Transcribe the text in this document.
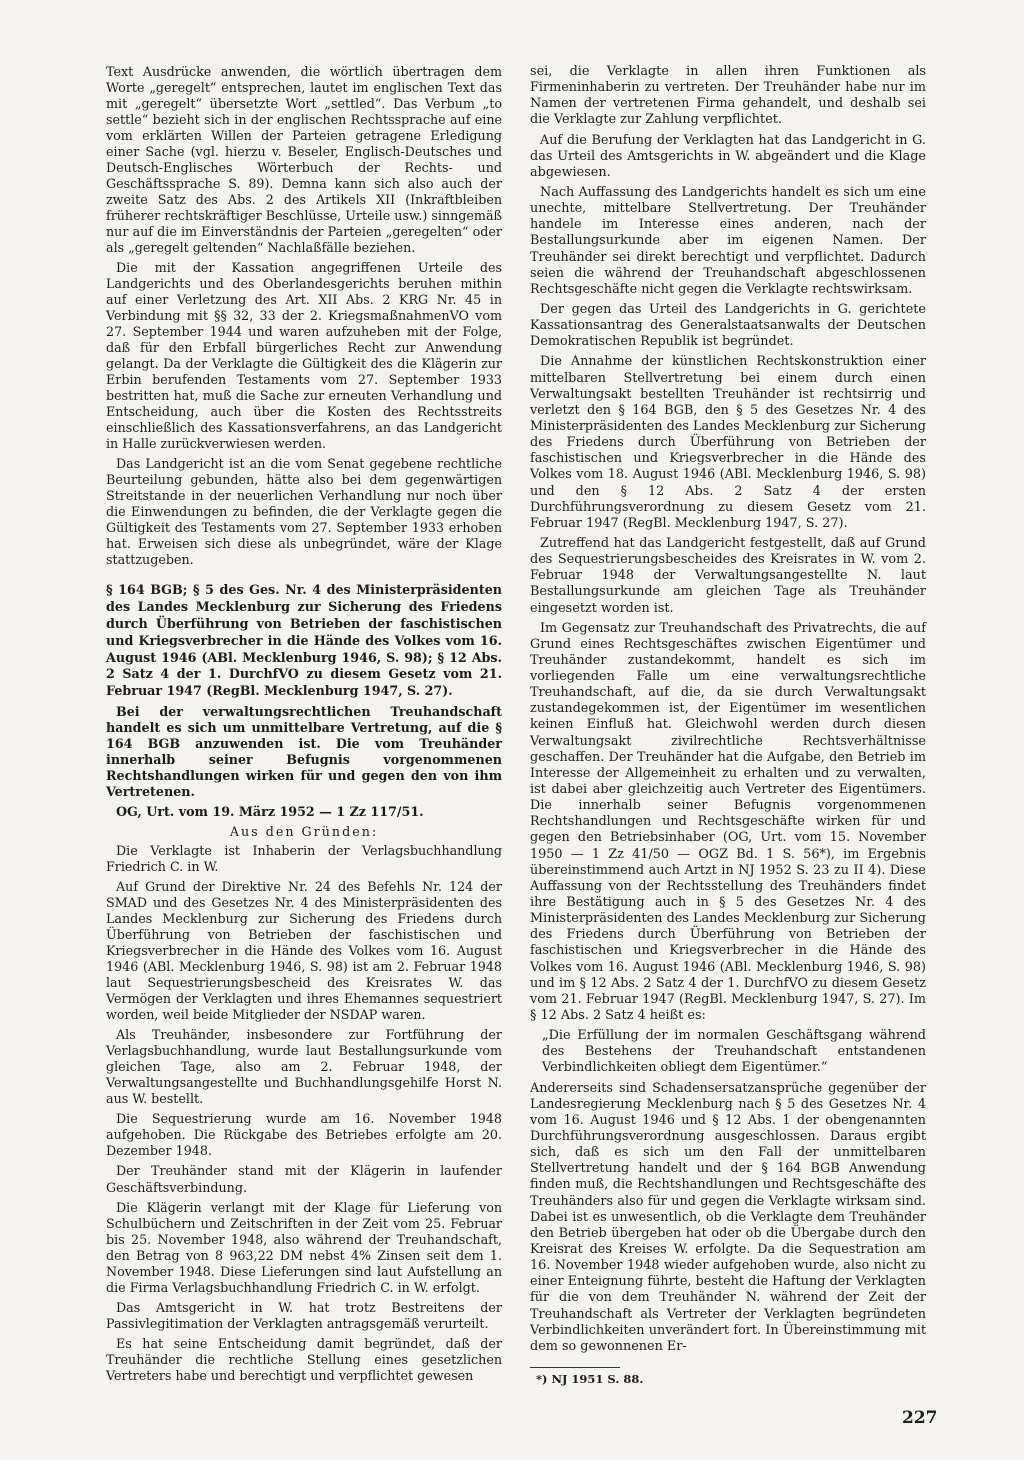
Text Ausdrücke anwenden, die wörtlich übertragen dem Worte „geregelt“ entsprechen, lautet im englischen Text das mit „geregelt“ übersetzte Wort „settled“. Das Verbum „to settle“ bezieht sich in der englischen Rechtssprache auf eine vom erklärten Willen der Parteien getragene Erledigung einer Sache (vgl. hierzu v. Beseler, Englisch-Deutsches und Deutsch-Englisches Wörterbuch der Rechts- und Geschäftssprache S. 89). Demna kann sich also auch der zweite Satz des Abs. 2 des Artikels XII (Inkraftbleiben früherer rechtskräftiger Beschlüsse, Urteile usw.) sinngemäß nur auf die im Einverständnis der Parteien „geregelten“ oder als „geregelt geltenden“ Nachlaßfälle beziehen.

Die mit der Kassation angegriffenen Urteile des Landgerichts und des Oberlandesgerichts beruhen mithin auf einer Verletzung des Art. XII Abs. 2 KRG Nr. 45 in Verbindung mit §§ 32, 33 der 2. KriegsmaßnahmenVO vom 27. September 1944 und waren aufzuheben mit der Folge, daß für den Erbfall bürgerliches Recht zur Anwendung gelangt. Da der Verklagte die Gültigkeit des die Klägerin zur Erbin berufenden Testaments vom 27. September 1933 bestritten hat, muß die Sache zur erneuten Verhandlung und Entscheidung, auch über die Kosten des Rechtsstreits einschließlich des Kassationsverfahrens, an das Landgericht in Halle zurückverwiesen werden.

Das Landgericht ist an die vom Senat gegebene rechtliche Beurteilung gebunden, hätte also bei dem gegenwärtigen Streitstande in der neuerlichen Verhandlung nur noch über die Einwendungen zu befinden, die der Verklagte gegen die Gültigkeit des Testaments vom 27. September 1933 erhoben hat. Erweisen sich diese als unbegründet, wäre der Klage stattzugeben.

§ 164 BGB; § 5 des Ges. Nr. 4 des Ministerpräsidenten des Landes Mecklenburg zur Sicherung des Friedens durch Überführung von Betrieben der faschistischen und Kriegsverbrecher in die Hände des Volkes vom 16. August 1946 (ABl. Mecklenburg 1946, S. 98); § 12 Abs. 2 Satz 4 der 1. DurchfVO zu diesem Gesetz vom 21. Februar 1947 (RegBl. Mecklenburg 1947, S. 27).

Bei der verwaltungsrechtlichen Treuhandschaft handelt es sich um unmittelbare Vertretung, auf die § 164 BGB anzuwenden ist. Die vom Treuhänder innerhalb seiner Befugnis vorgenommenen Rechtshandlungen wirken für und gegen den von ihm Vertretenen.

OG, Urt. vom 19. März 1952 — 1 Zz 117/51.

Aus den Gründen:

Die Verklagte ist Inhaberin der Verlagsbuchhandlung Friedrich C. in W.

Auf Grund der Direktive Nr. 24 des Befehls Nr. 124 der SMAD und des Gesetzes Nr. 4 des Ministerpräsidenten des Landes Mecklenburg zur Sicherung des Friedens durch Überführung von Betrieben der faschistischen und Kriegsverbrecher in die Hände des Volkes vom 16. August 1946 (ABl. Mecklenburg 1946, S. 98) ist am 2. Februar 1948 laut Sequestrierungsbescheid des Kreisrates W. das Vermögen der Verklagten und ihres Ehemannes sequestriert worden, weil beide Mitglieder der NSDAP waren.

Als Treuhänder, insbesondere zur Fortführung der Verlagsbuchhandlung, wurde laut Bestallungsurkunde vom gleichen Tage, also am 2. Februar 1948, der Verwaltungsangestellte und Buchhandlungsgehilfe Horst N. aus W. bestellt.

Die Sequestrierung wurde am 16. November 1948 aufgehoben. Die Rückgabe des Betriebes erfolgte am 20. Dezember 1948.

Der Treuhänder stand mit der Klägerin in laufender Geschäftsverbindung.

Die Klägerin verlangt mit der Klage für Lieferung von Schulbüchern und Zeitschriften in der Zeit vom 25. Februar bis 25. November 1948, also während der Treuhandschaft, den Betrag von 8 963,22 DM nebst 4% Zinsen seit dem 1. November 1948. Diese Lieferungen sind laut Aufstellung an die Firma Verlagsbuchhandlung Friedrich C. in W. erfolgt.

Das Amtsgericht in W. hat trotz Bestreitens der Passivlegitimation der Verklagten antragsgemäß verurteilt.

Es hat seine Entscheidung damit begründet, daß der Treuhänder die rechtliche Stellung eines gesetzlichen Vertreters habe und berechtigt und verpflichtet gewesen

sei, die Verklagte in allen ihren Funktionen als Firmeninhaberin zu vertreten. Der Treuhänder habe nur im Namen der vertretenen Firma gehandelt, und deshalb sei die Verklagte zur Zahlung verpflichtet.

Auf die Berufung der Verklagten hat das Landgericht in G. das Urteil des Amtsgerichts in W. abgeändert und die Klage abgewiesen.

Nach Auffassung des Landgerichts handelt es sich um eine unechte, mittelbare Stellvertretung. Der Treuhänder handele im Interesse eines anderen, nach der Bestallungsurkunde aber im eigenen Namen. Der Treuhänder sei direkt berechtigt und verpflichtet. Dadurch seien die während der Treuhandschaft abgeschlossenen Rechtsgeschäfte nicht gegen die Verklagte rechtswirksam.

Der gegen das Urteil des Landgerichts in G. gerichtete Kassationsantrag des Generalstaatsanwalts der Deutschen Demokratischen Republik ist begründet.

Die Annahme der künstlichen Rechtskonstruktion einer mittelbaren Stellvertretung bei einem durch einen Verwaltungsakt bestellten Treuhänder ist rechtsirrig und verletzt den § 164 BGB, den § 5 des Gesetzes Nr. 4 des Ministerpräsidenten des Landes Mecklenburg zur Sicherung des Friedens durch Überführung von Betrieben der faschistischen und Kriegsverbrecher in die Hände des Volkes vom 18. August 1946 (ABl. Mecklenburg 1946, S. 98) und den § 12 Abs. 2 Satz 4 der ersten Durchführungsverordnung zu diesem Gesetz vom 21. Februar 1947 (RegBl. Mecklenburg 1947, S. 27).

Zutreffend hat das Landgericht festgestellt, daß auf Grund des Sequestrierungsbescheides des Kreisrates in W. vom 2. Februar 1948 der Verwaltungsangestellte N. laut Bestallungsurkunde am gleichen Tage als Treuhänder eingesetzt worden ist.

Im Gegensatz zur Treuhandschaft des Privatrechts, die auf Grund eines Rechtsgeschäftes zwischen Eigentümer und Treuhänder zustandekommt, handelt es sich im vorliegenden Falle um eine verwaltungsrechtliche Treuhandschaft, auf die, da sie durch Verwaltungsakt zustandegekommen ist, der Eigentümer im wesentlichen keinen Einfluß hat. Gleichwohl werden durch diesen Verwaltungsakt zivilrechtliche Rechtsverhältnisse geschaffen. Der Treuhänder hat die Aufgabe, den Betrieb im Interesse der Allgemeinheit zu erhalten und zu verwalten, ist dabei aber gleichzeitig auch Vertreter des Eigentümers. Die innerhalb seiner Befugnis vorgenommenen Rechtshandlungen und Rechtsgeschäfte wirken für und gegen den Betriebsinhaber (OG, Urt. vom 15. November 1950 — 1 Zz 41/50 — OGZ Bd. 1 S. 56*), im Ergebnis übereinstimmend auch Artzt in NJ 1952 S. 23 zu II 4). Diese Auffassung von der Rechtsstellung des Treuhänders findet ihre Bestätigung auch in § 5 des Gesetzes Nr. 4 des Ministerpräsidenten des Landes Mecklenburg zur Sicherung des Friedens durch Überführung von Betrieben der faschistischen und Kriegsverbrecher in die Hände des Volkes vom 16. August 1946 (ABl. Mecklenburg 1946, S. 98) und im § 12 Abs. 2 Satz 4 der 1. DurchfVO zu diesem Gesetz vom 21. Februar 1947 (RegBl. Mecklenburg 1947, S. 27). Im § 12 Abs. 2 Satz 4 heißt es:

„Die Erfüllung der im normalen Geschäftsgang während des Bestehens der Treuhandschaft entstandenen Verbindlichkeiten obliegt dem Eigentümer.“

Andererseits sind Schadensersatzansprüche gegenüber der Landesregierung Mecklenburg nach § 5 des Gesetzes Nr. 4 vom 16. August 1946 und § 12 Abs. 1 der obengenannten Durchführungsverordnung ausgeschlossen. Daraus ergibt sich, daß es sich um den Fall der unmittelbaren Stellvertretung handelt und der § 164 BGB Anwendung finden muß, die Rechtshandlungen und Rechtsgeschäfte des Treuhänders also für und gegen die Verklagte wirksam sind. Dabei ist es unwesentlich, ob die Verklagte dem Treuhänder den Betrieb übergeben hat oder ob die Übergabe durch den Kreisrat des Kreises W. erfolgte. Da die Sequestration am 16. November 1948 wieder aufgehoben wurde, also nicht zu einer Enteignung führte, besteht die Haftung der Verklagten für die von dem Treuhänder N. während der Zeit der Treuhandschaft als Vertreter der Verklagten begründeten Verbindlichkeiten unverändert fort. In Übereinstimmung mit dem so gewonnenen Er-

*) NJ 1951 S. 88.

227
